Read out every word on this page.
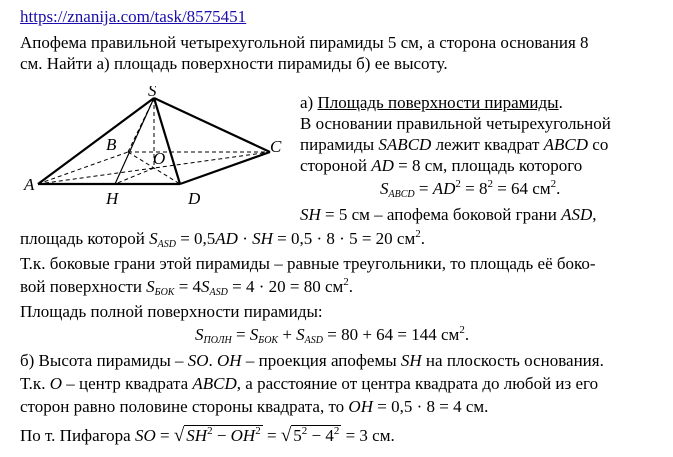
https://znanija.com/task/8575451
Апофема правильной четырехугольной пирамиды 5 см, а сторона основания 8
см. Найти а) площадь поверхности пирамиды б) ее высоту.
S
B
O
C
A
H	D
а) Площадь поверхности пирамиды.
В основании правильной четырехугольной
пирамиды SABCD лежит квадрат ABCD со
стороной AD = 8 см, площадь которого
$S_{ABCD} = AD^2 = 8^2 = 64$ $см^2$.
SH = 5 см – апофема боковой грани ASD,
площадь которой $S_{ASD} = 0,5AD$ · SH = 0,5 · 8 · 5 = 20 $см^2$.
Т.к. боковые грани этой пирамиды – равные треугольники, то площадь её боко-
вой поверхности $S_{БОК} = 4S_{ASD} = 4 \cdot 20 = 80$ $см^2$.
Площадь полной поверхности пирамиды:
$S_{ПОЛН} = S_{БОК} + S_{ASD} = 80 + 64 = 144$ $см^2$.
б) Высота пирамиды – SO. OH – проекция апофемы SH на плоскость основания.
Т.к. O – центр квадрата ABCD, а расстояние от центра квадрата до любой из его
сторон равно половине стороны квадрата, то OH = 0,5 · 8 = 4 см.
По т. Пифагора SO = √ $SH^2 - OH^2$ = √ $5^2 - 4^2 = 3$ см.
